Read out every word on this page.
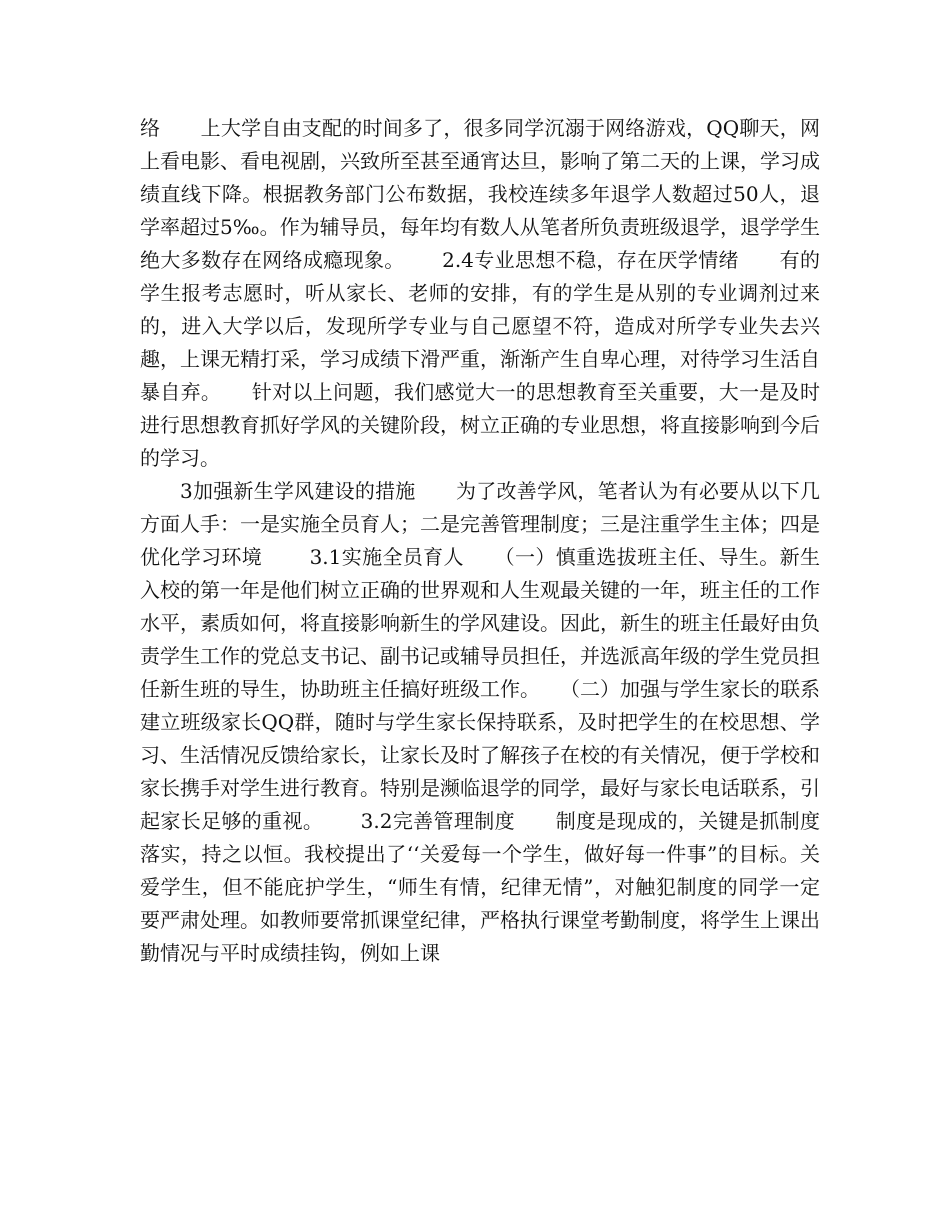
络　　上大学自由支配的时间多了，很多同学沉溺于网络游戏，QQ聊天，网上看电影、看电视剧，兴致所至甚至通宵达旦，影响了第二天的上课，学习成绩直线下降。根据教务部门公布数据，我校连续多年退学人数超过50人，退学率超过5‰。作为辅导员，每年均有数人从笔者所负责班级退学，退学学生绝大多数存在网络成瘾现象。　　 2.4专业思想不稳，存在厌学情绪　　有的学生报考志愿时，听从家长、老师的安排，有的学生是从别的专业调剂过来的，进入大学以后，发现所学专业与自己愿望不符，造成对所学专业失去兴趣，上课无精打采，学习成绩下滑严重，渐渐产生自卑心理，对待学习生活自暴自弃。　　针对以上问题，我们感觉大一的思想教育至关重要，大一是及时进行思想教育抓好学风的关键阶段，树立正确的专业思想，将直接影响到今后的学习。

3加强新生学风建设的措施　　为了改善学风，笔者认为有必要从以下几方面人手：一是实施全员育人；二是完善管理制度；三是注重学生主体；四是优化学习环境　　 3.1实施全员育人　　（一）慎重选拔班主任、导生。新生入校的第一年是他们树立正确的世界观和人生观最关键的一年，班主任的工作水平，素质如何，将直接影响新生的学风建设。因此，新生的班主任最好由负责学生工作的党总支书记、副书记或辅导员担任，并选派高年级的学生党员担任新生班的导生，协助班主任搞好班级工作。　　（二）加强与学生家长的联系　　建立班级家长QQ群，随时与学生家长保持联系，及时把学生的在校思想、学习、生活情况反馈给家长，让家长及时了解孩子在校的有关情况，便于学校和家长携手对学生进行教育。特别是濒临退学的同学，最好与家长电话联系，引起家长足够的重视。　　 3.2完善管理制度　　制度是现成的，关键是抓制度落实，持之以恒。我校提出了‘‘关爱每一个学生，做好每一件事”的目标。关爱学生，但不能庇护学生，“师生有情，纪律无情”，对触犯制度的同学一定要严肃处理。如教师要常抓课堂纪律，严格执行课堂考勤制度，将学生上课出勤情况与平时成绩挂钩，例如上课
